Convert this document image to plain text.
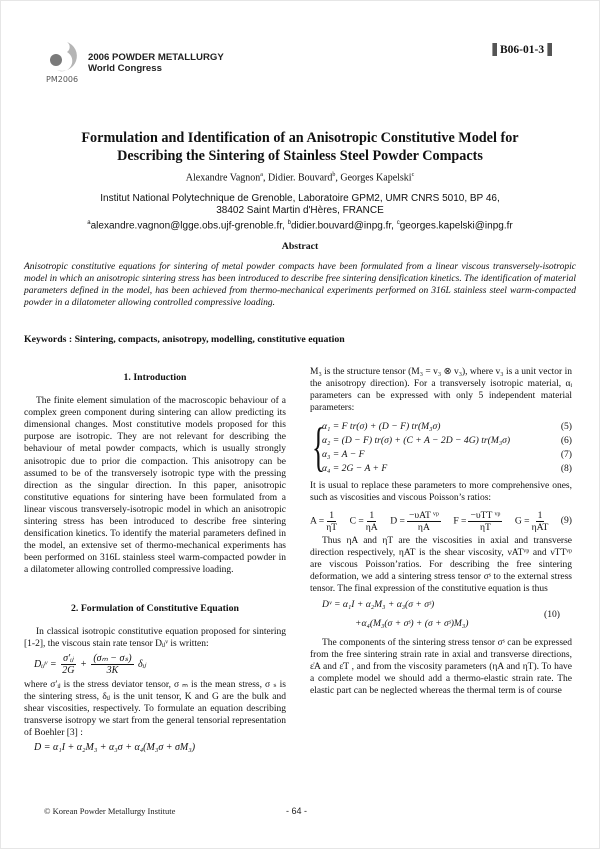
PM2006
2006 POWDER METALLURGY
World Congress
B06-01-3
Formulation and Identification of an Anisotropic Constitutive Model for
Describing the Sintering of Stainless Steel Powder Compacts
Alexandre Vagnon$^a$, Didier. Bouvard$^b$, Georges Kapelski$^c$
Institut National Polytechnique de Grenoble, Laboratoire GPM2, UMR CNRS 5010, BP 46,
38402 Saint Martin d'Hères, FRANCE
$^a$alexandre.vagnon@lgge.obs.ujf-grenoble.fr, $^b$didier.bouvard@inpg.fr, $^c$georges.kapelski@inpg.fr
Abstract
Anisotropic constitutive equations for sintering of metal powder compacts have been formulated from a linear viscous transversely-isotropic model in which an anisotropic sintering stress has been introduced to describe free sintering densification kinetics. The identification of material parameters defined in the model, has been achieved from thermo-mechanical experiments performed on 316L stainless steel warm-compacted powder in a dilatometer allowing controlled compressive loading.
Keywords : Sintering, compacts, anisotropy, modelling, constitutive equation
1. Introduction

The finite element simulation of the macroscopic behaviour of a complex green component during sintering can allow predicting its dimensional changes. Most constitutive models proposed for this purpose are isotropic. They are not relevant for describing the behaviour of metal powder compacts, which is usually strongly anisotropic due to prior die compaction. This anisotropy can be assumed to be of the transversely isotropic type with the pressing direction as the singular direction. In this paper, anisotropic constitutive equations for sintering have been formulated from a linear viscous transversely-isotropic model in which an anisotropic sintering stress has been introduced to describe free sintering densification kinetics. To identify the material parameters defined in the model, an extensive set of thermo-mechanical experiments has been performed on 316L stainless steel warm-compacted powder in a dilatometer allowing controlled compressive loading.

2. Formulation of Constitutive Equation

In classical isotropic constitutive equation proposed for sintering [1-2], the viscous stain rate tensor Dᵢⱼᵛ is written:

Dᵢⱼᵛ = $\frac{\text{σ′ᵢⱼ}}{2G} + \frac{\text{(σₘ − σₛ)}}{3K}$ δᵢⱼ

where σ′ᵢⱼ is the stress deviator tensor, σ ₘ is the mean stress, σ ₛ is the sintering stress, δᵢⱼ is the unit tensor, K and G are the bulk and shear viscosities, respectively. To formulate an equation describing transverse isotropy we start from the general tensorial representation of Boehler [3] :

D = α₁I + α₂M₃ + α₃σ + α₄(M₃σ + σM₃)

M₃ is the structure tensor (M₃ = v₃ ⊗ v₃), where v₃ is a unit vector in the anisotropy direction). For a transversely isotropic material, αᵢ parameters can be expressed with only 5 independent material parameters:

{
α₁ = F tr(σ) + (D − F) tr(M₃σ)	(5)
α₂ = (D − F) tr(σ) + (C + A − 2D − 4G) tr(M₃σ)	(6)
α₃ = A − F	(7)
α₄ = 2G − A + F	(8)

It is usual to replace these parameters to more comprehensive ones, such as viscosities and viscous Poisson’s ratios:

$A = \frac{1}{\eta T}$ $C = \frac{1}{\eta A}$ $D = \frac{\text{−υAT ᵛᵖ}}{\eta A}$ $F = \frac{\text{−υTT ᵛᵖ}}{\eta T}$ $G = \frac{1}{\text{ηAT}} (9)$

Thus ηA and ηT are the viscosities in axial and transverse direction respectively, ηAT is the shear viscosity, νATᵛᵖ and νTTᵛᵖ are viscous Poisson’ratios. For describing the free sintering deformation, we add a sintering stress tensor σˢ to the external stress tensor. The final expression of the constitutive equation is thus

Dᵛ = α₁I + α₂M₃ + α₃(σ + σˢ)
+α₄(M₃(σ + σˢ) + (σ + σˢ)M₃)
(10)

The components of the sintering stress tensor σˢ can be expressed from the free sintering strain rate in axial and transverse directions, ε̇A and ε̇T , and from the viscosity parameters (ηA and ηT). To have a complete model we should add a thermo-elastic strain rate. The elastic part can be neglected whereas the thermal term is of course

© Korean Powder Metallurgy Institute	- 64 -
